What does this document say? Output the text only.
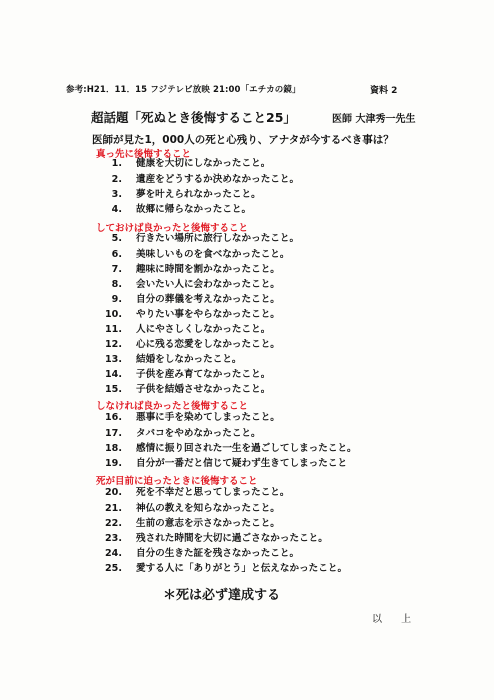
参考:H21．11．15 フジテレビ放映 21:00「エチカの鏡」	資料 2
超話題「死ぬとき後悔すること25」	医師 大津秀一先生
医師が見た1，000人の死と心残り、アナタが今するべき事は？
真っ先に後悔すること
1. 健康を大切にしなかったこと。
2. 遺産をどうするか決めなかったこと。
3. 夢を叶えられなかったこと。
4. 故郷に帰らなかったこと。
しておけば良かったと後悔すること
5. 行きたい場所に旅行しなかったこと。
6. 美味しいものを食べなかったこと。
7. 趣味に時間を割かなかったこと。
8. 会いたい人に会わなかったこと。
9. 自分の葬儀を考えなかったこと。
10. やりたい事をやらなかったこと。
11. 人にやさしくしなかったこと。
12. 心に残る恋愛をしなかったこと。
13. 結婚をしなかったこと。
14. 子供を産み育てなかったこと。
15. 子供を結婚させなかったこと。
しなければ良かったと後悔すること
16. 悪事に手を染めてしまったこと。
17. タバコをやめなかったこと。
18. 感情に振り回された一生を過ごしてしまったこと。
19. 自分が一番だと信じて疑わず生きてしまったこと
死が目前に迫ったときに後悔すること
20. 死を不幸だと思ってしまったこと。
21. 神仏の教えを知らなかったこと。
22. 生前の意志を示さなかったこと。
23. 残された時間を大切に過ごさなかったこと。
24. 自分の生きた証を残さなかったこと。
25. 愛する人に「ありがとう」と伝えなかったこと。
＊死は必ず達成する
以 上
